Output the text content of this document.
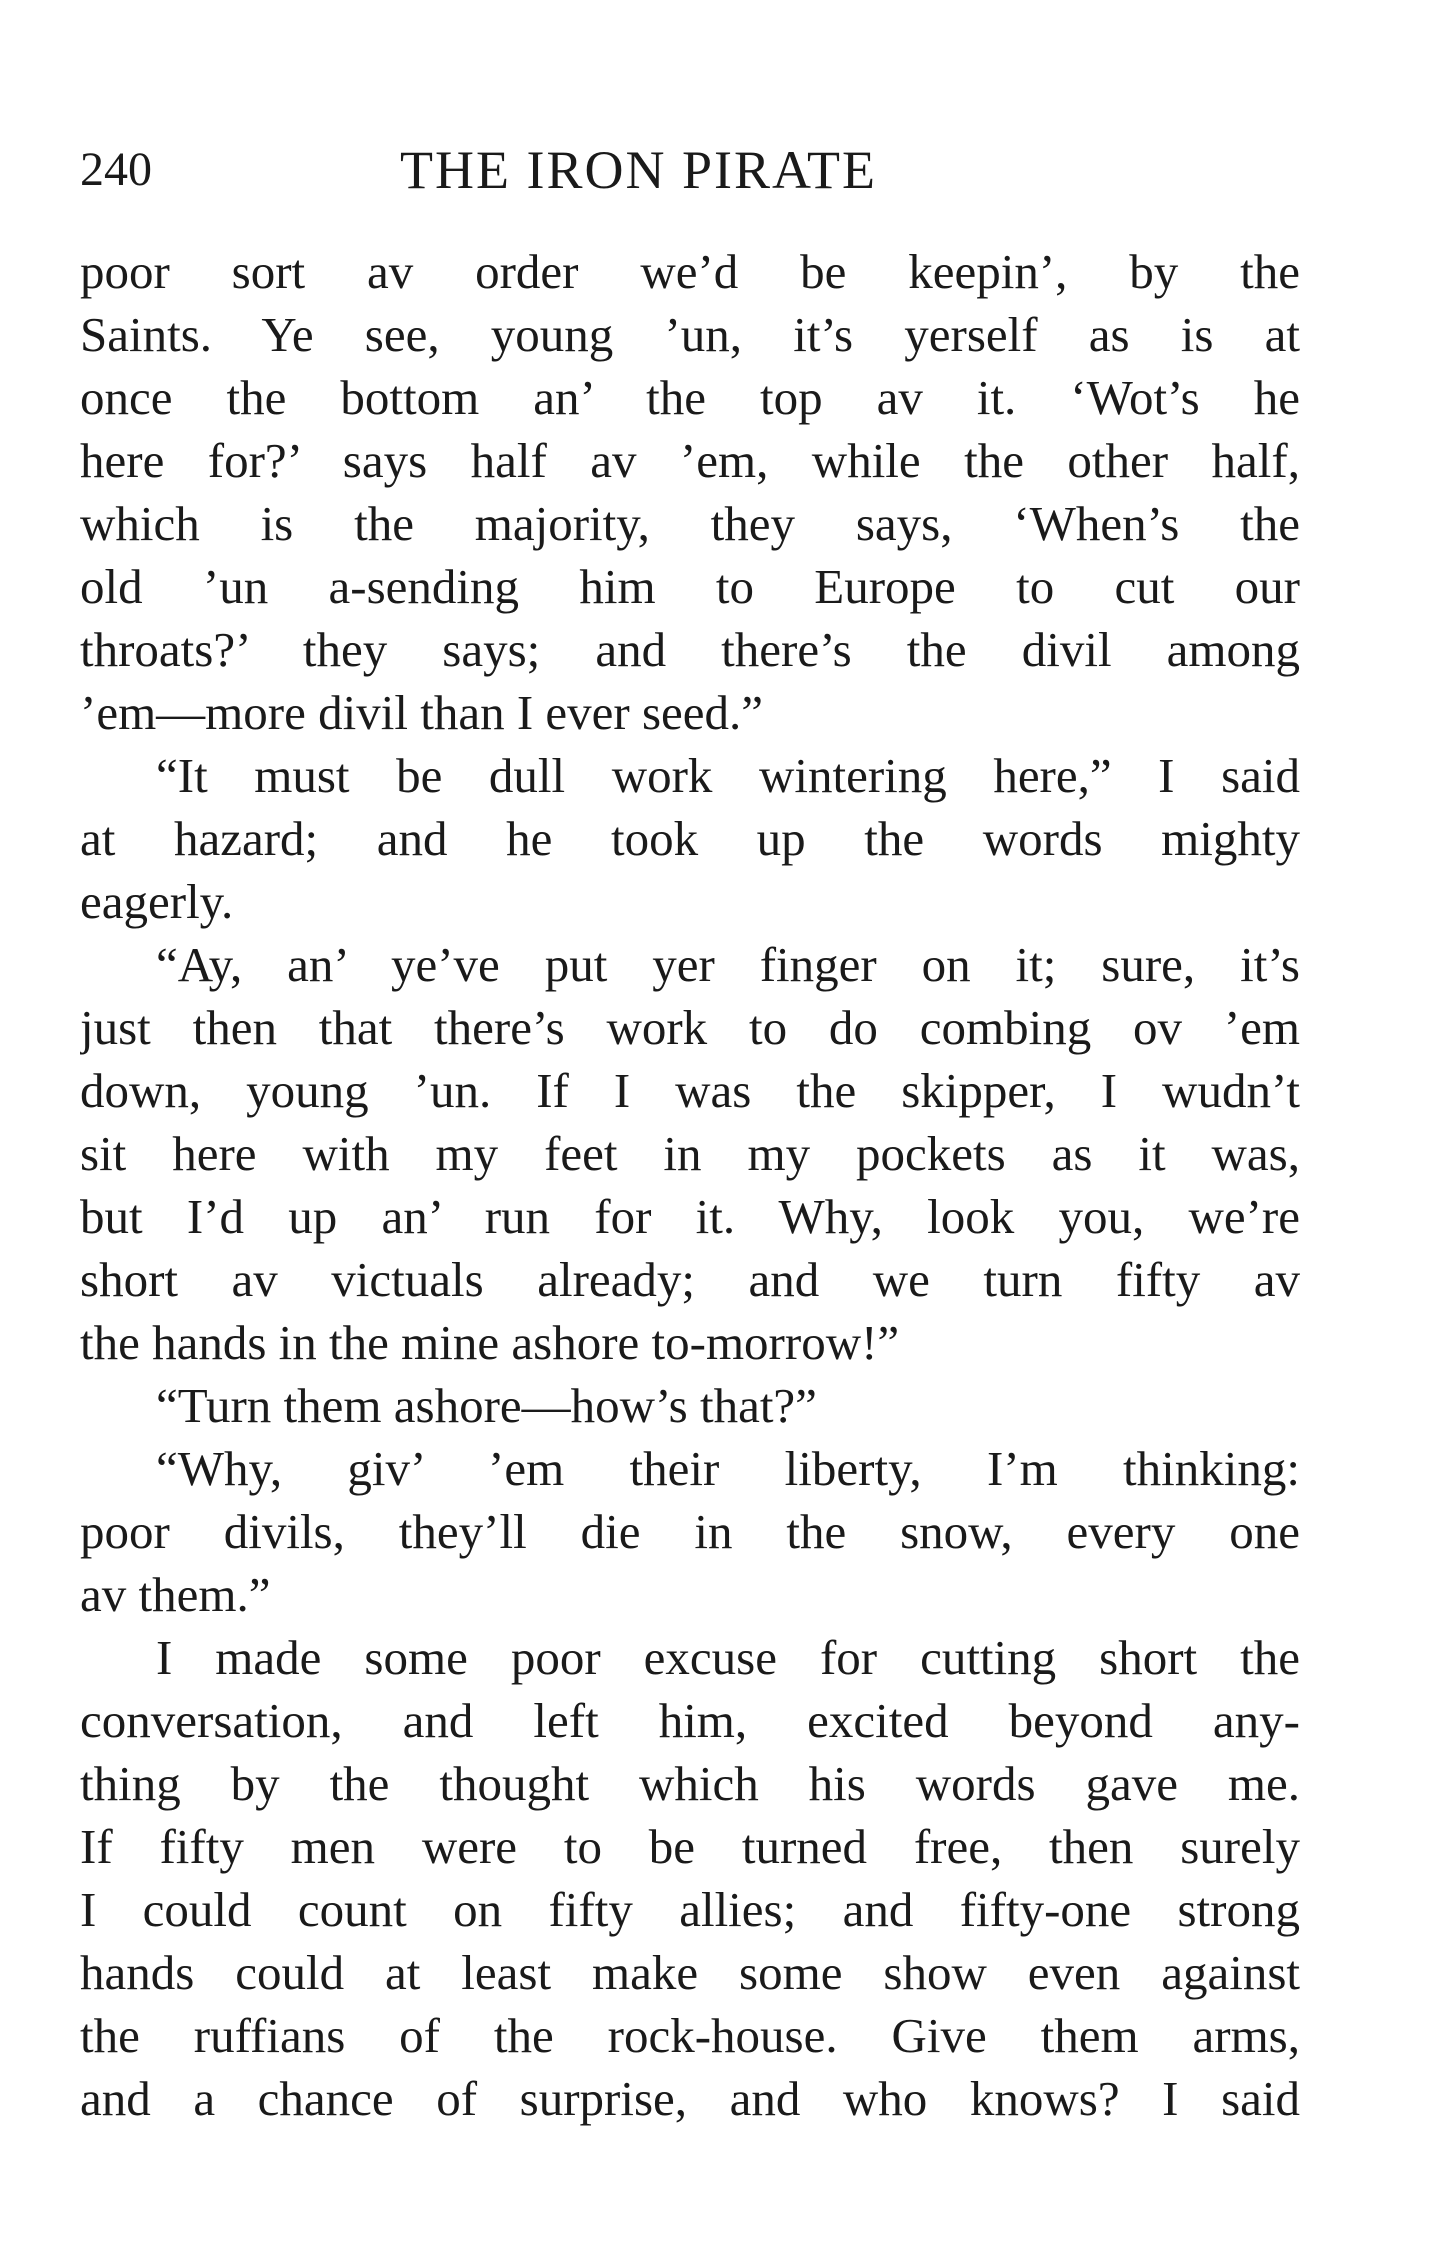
240	THE IRON PIRATE
poor sort av order we’d be keepin’, by the
Saints. Ye see, young ’un, it’s yerself as is at
once the bottom an’ the top av it. ‘Wot’s he
here for?’ says half av ’em, while the other half,
which is the majority, they says, ‘When’s the
old ’un a-sending him to Europe to cut our
throats?’ they says; and there’s the divil among
’em—more divil than I ever seed.”
“It must be dull work wintering here,” I said
at hazard; and he took up the words mighty
eagerly.
“Ay, an’ ye’ve put yer finger on it; sure, it’s
just then that there’s work to do combing ov ’em
down, young ’un. If I was the skipper, I wudn’t
sit here with my feet in my pockets as it was,
but I’d up an’ run for it. Why, look you, we’re
short av victuals already; and we turn fifty av
the hands in the mine ashore to-morrow!”
“Turn them ashore—how’s that?”
“Why, giv’ ’em their liberty, I’m thinking:
poor divils, they’ll die in the snow, every one
av them.”
I made some poor excuse for cutting short the
conversation, and left him, excited beyond any-
thing by the thought which his words gave me.
If fifty men were to be turned free, then surely
I could count on fifty allies; and fifty-one strong
hands could at least make some show even against
the ruffians of the rock-house. Give them arms,
and a chance of surprise, and who knows? I said
